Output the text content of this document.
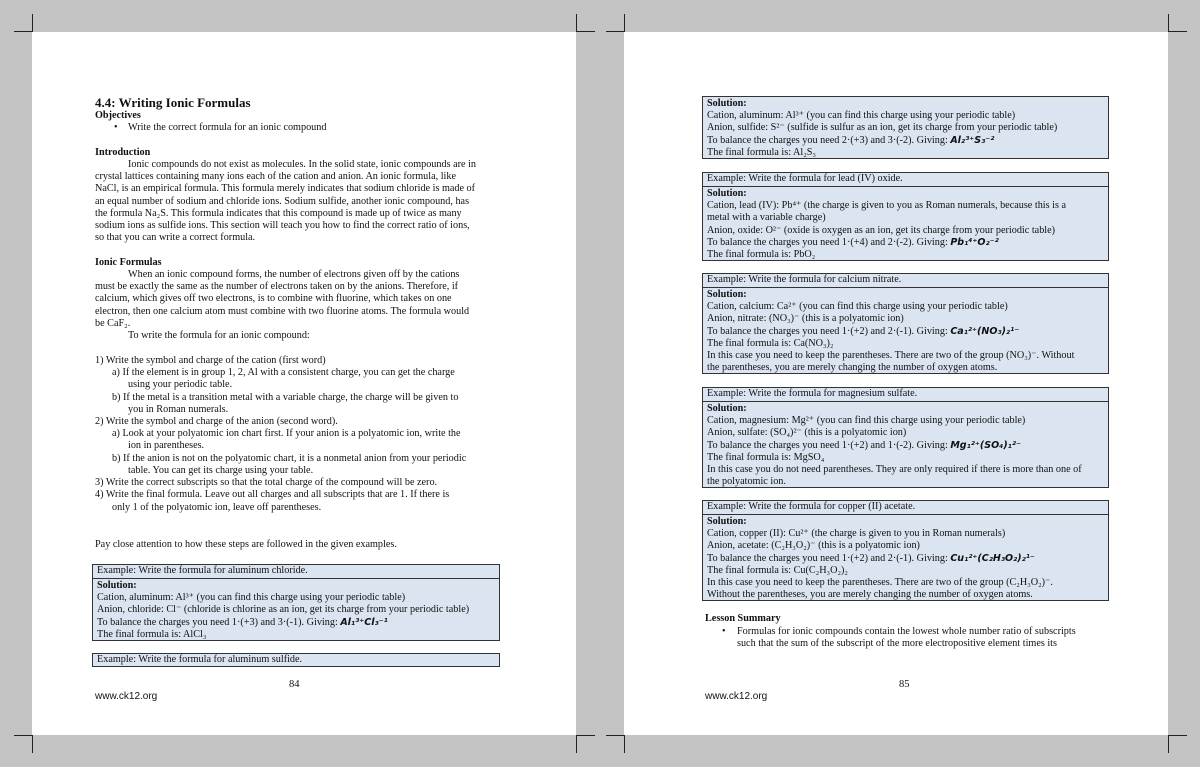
4.4: Writing Ionic Formulas
Objectives
• Write the correct formula for an ionic compound
Introduction
Ionic compounds do not exist as molecules. In the solid state, ionic compounds are in
crystal lattices containing many ions each of the cation and anion. An ionic formula, like
NaCl, is an empirical formula. This formula merely indicates that sodium chloride is made of
an equal number of sodium and chloride ions. Sodium sulfide, another ionic compound, has
the formula Na₂S. This formula indicates that this compound is made up of twice as many
sodium ions as sulfide ions. This section will teach you how to find the correct ratio of ions,
so that you can write a correct formula.
Ionic Formulas
When an ionic compound forms, the number of electrons given off by the cations
must be exactly the same as the number of electrons taken on by the anions. Therefore, if
calcium, which gives off two electrons, is to combine with fluorine, which takes on one
electron, then one calcium atom must combine with two fluorine atoms. The formula would
be CaF₂.
To write the formula for an ionic compound:
1) Write the symbol and charge of the cation (first word)
a) If the element is in group 1, 2, Al with a consistent charge, you can get the charge
using your periodic table.
b) If the metal is a transition metal with a variable charge, the charge will be given to
you in Roman numerals.
2) Write the symbol and charge of the anion (second word).
a) Look at your polyatomic ion chart first. If your anion is a polyatomic ion, write the
ion in parentheses.
b) If the anion is not on the polyatomic chart, it is a nonmetal anion from your periodic
table. You can get its charge using your table.
3) Write the correct subscripts so that the total charge of the compound will be zero.
4) Write the final formula. Leave out all charges and all subscripts that are 1. If there is
only 1 of the polyatomic ion, leave off parentheses.
Pay close attention to how these steps are followed in the given examples.
Example: Write the formula for aluminum chloride.
Solution:
Cation, aluminum: Al³⁺ (you can find this charge using your periodic table)
Anion, chloride: Cl⁻ (chloride is chlorine as an ion, get its charge from your periodic table)
To balance the charges you need 1·(+3) and 3·(-1). Giving: Al₁³⁺Cl₃⁻¹
The final formula is: AlCl₃
Example: Write the formula for aluminum sulfide.
84
www.ck12.org
Solution:
Cation, aluminum: Al³⁺ (you can find this charge using your periodic table)
Anion, sulfide: S²⁻ (sulfide is sulfur as an ion, get its charge from your periodic table)
To balance the charges you need 2·(+3) and 3·(-2). Giving: Al₂³⁺S₃⁻²
The final formula is: Al₂S₃
Example: Write the formula for lead (IV) oxide.
Solution:
Cation, lead (IV): Pb⁴⁺ (the charge is given to you as Roman numerals, because this is a
metal with a variable charge)
Anion, oxide: O²⁻ (oxide is oxygen as an ion, get its charge from your periodic table)
To balance the charges you need 1·(+4) and 2·(-2). Giving: Pb₁⁴⁺O₂⁻²
The final formula is: PbO₂
Example: Write the formula for calcium nitrate.
Solution:
Cation, calcium: Ca²⁺ (you can find this charge using your periodic table)
Anion, nitrate: (NO₃)⁻ (this is a polyatomic ion)
To balance the charges you need 1·(+2) and 2·(-1). Giving: Ca₁²⁺(NO₃)₂¹⁻
The final formula is: Ca(NO₃)₂
In this case you need to keep the parentheses. There are two of the group (NO₃)⁻. Without
the parentheses, you are merely changing the number of oxygen atoms.
Example: Write the formula for magnesium sulfate.
Solution:
Cation, magnesium: Mg²⁺ (you can find this charge using your periodic table)
Anion, sulfate: (SO₄)²⁻ (this is a polyatomic ion)
To balance the charges you need 1·(+2) and 1·(-2). Giving: Mg₁²⁺(SO₄)₁²⁻
The final formula is: MgSO₄
In this case you do not need parentheses. They are only required if there is more than one of
the polyatomic ion.
Example: Write the formula for copper (II) acetate.
Solution:
Cation, copper (II): Cu²⁺ (the charge is given to you in Roman numerals)
Anion, acetate: (C₂H₃O₂)⁻ (this is a polyatomic ion)
To balance the charges you need 1·(+2) and 2·(-1). Giving: Cu₁²⁺(C₂H₃O₂)₂¹⁻
The final formula is: Cu(C₂H₃O₂)₂
In this case you need to keep the parentheses. There are two of the group (C₂H₃O₂)⁻.
Without the parentheses, you are merely changing the number of oxygen atoms.
Lesson Summary
• Formulas for ionic compounds contain the lowest whole number ratio of subscripts
such that the sum of the subscript of the more electropositive element times its
85
www.ck12.org
